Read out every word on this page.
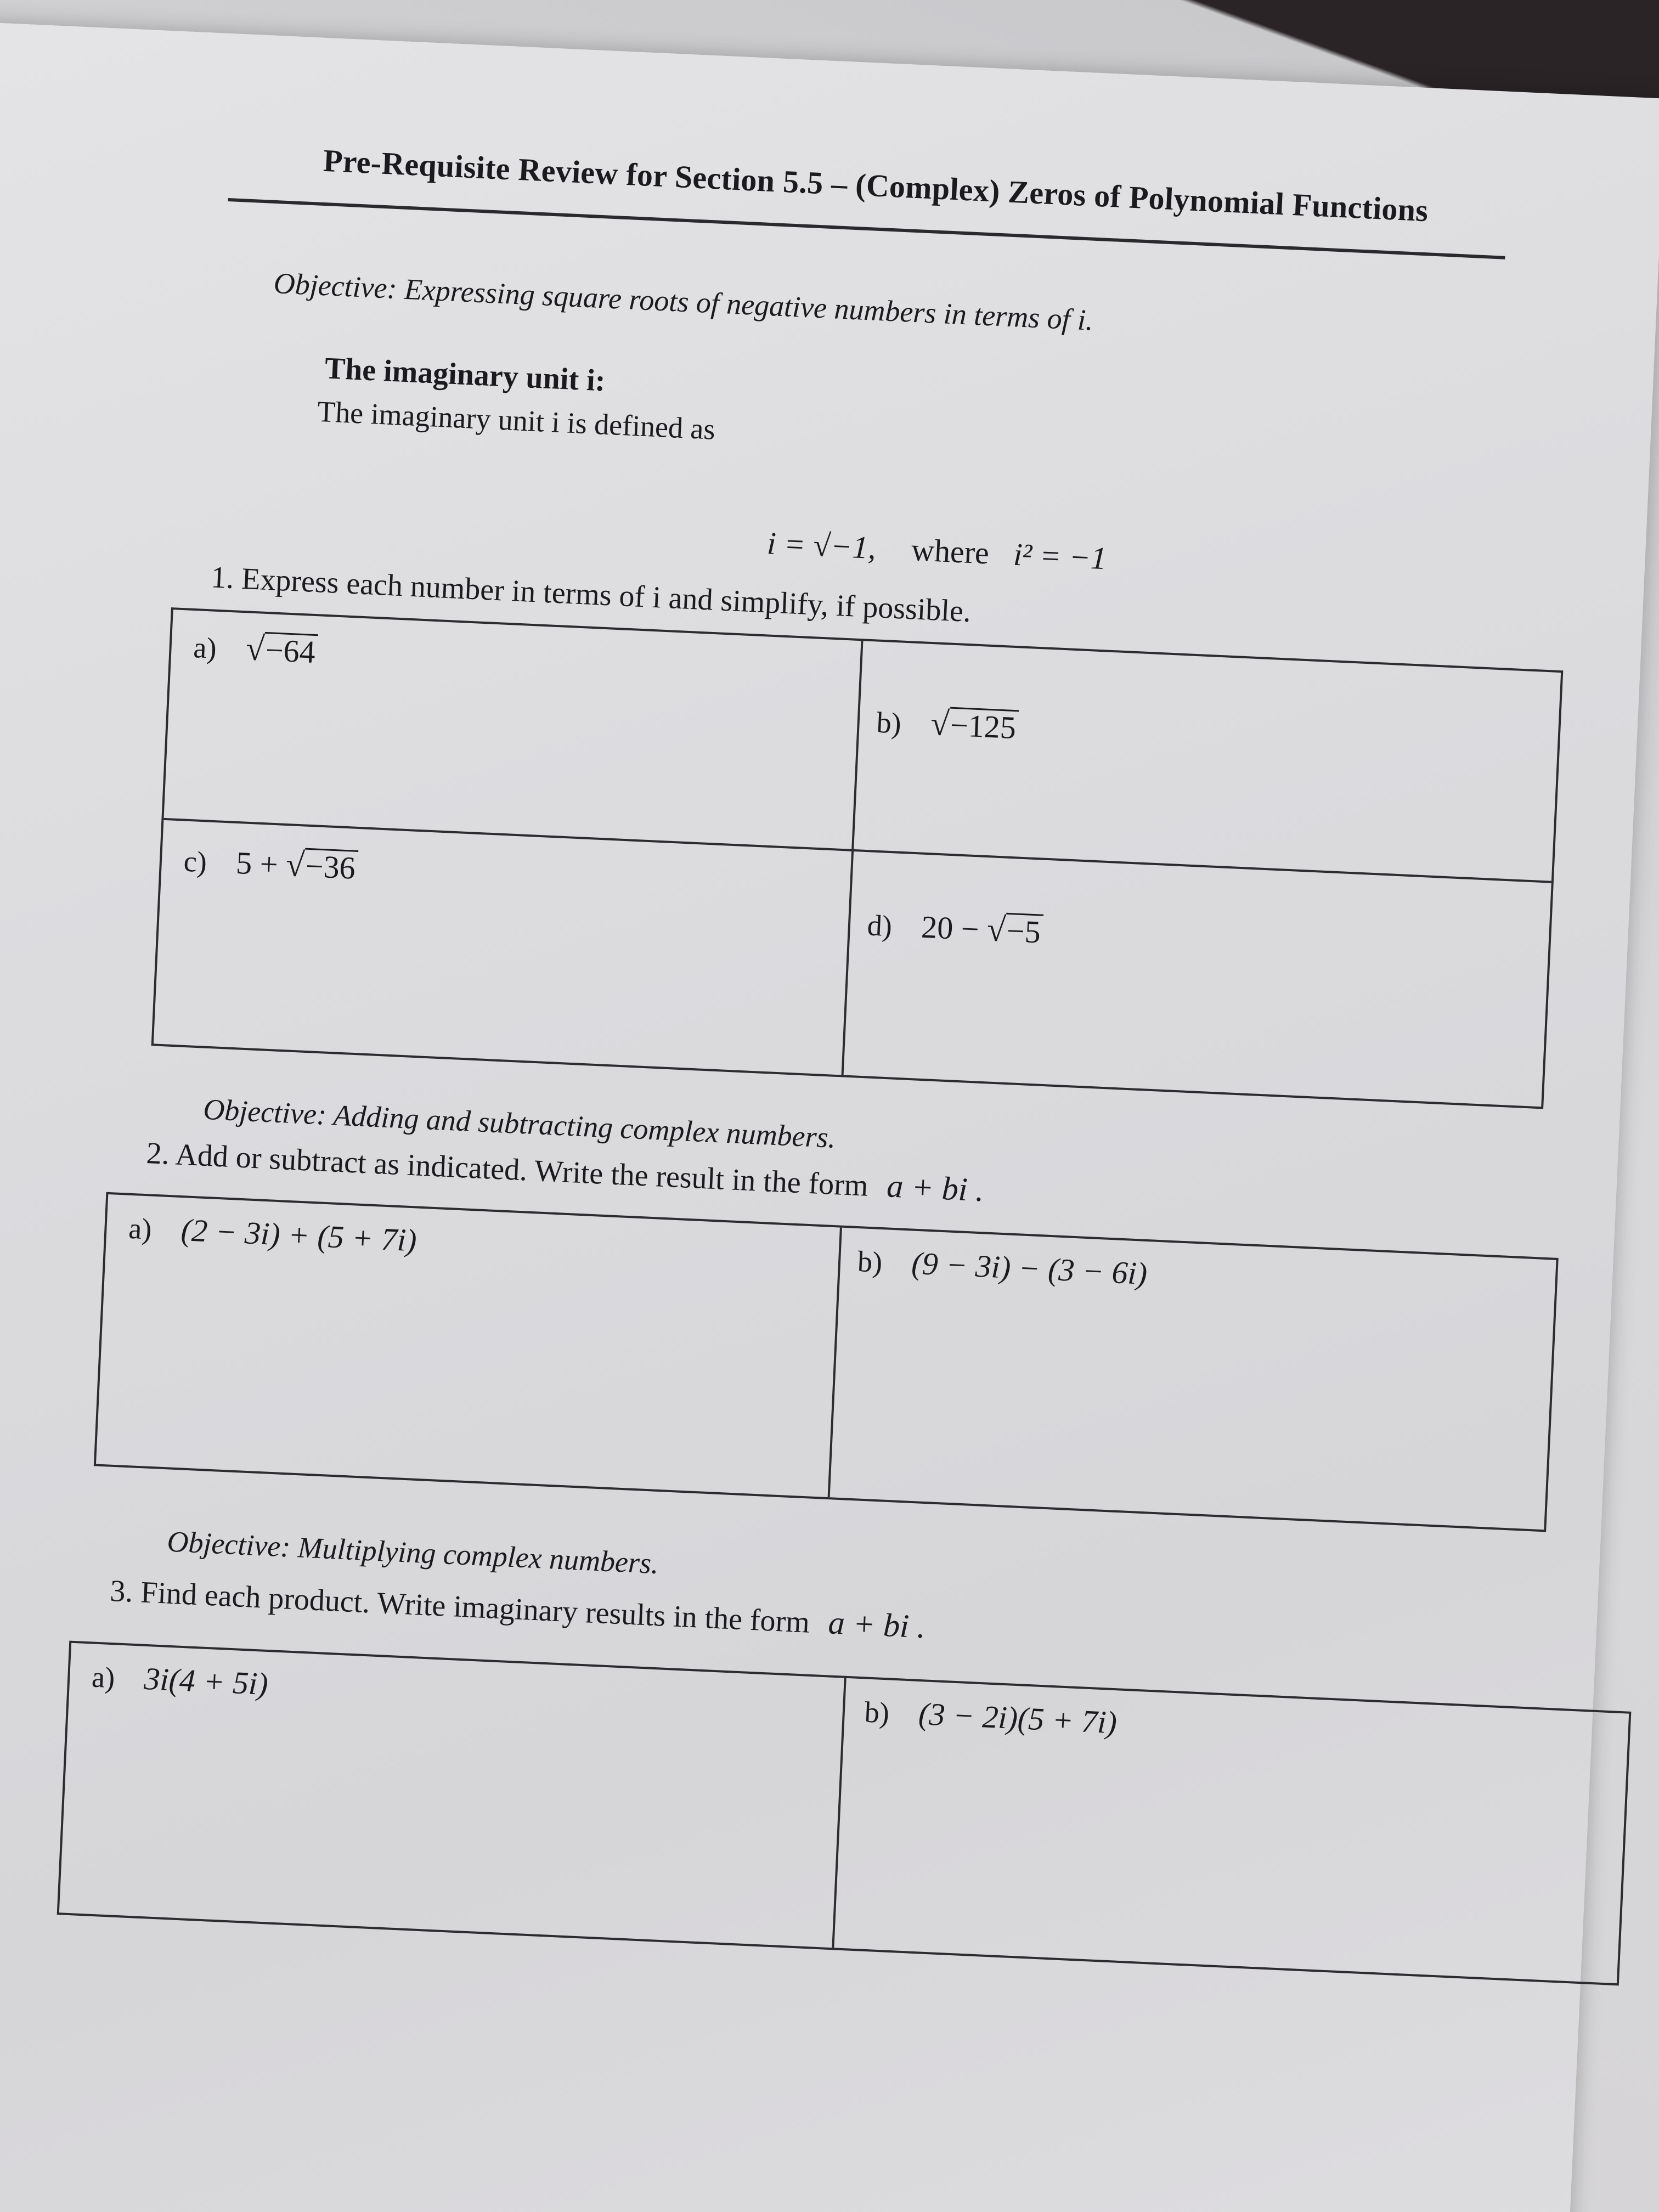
Pre-Requisite Review for Section 5.5 – (Complex) Zeros of Polynomial Functions
Objective: Expressing square roots of negative numbers in terms of i.
The imaginary unit i:
The imaginary unit i is defined as
i = √−1, where i² = −1
1. Express each number in terms of i and simplify, if possible.
a) √−64
b) √−125
c) 5 + √−36
d) 20 − √−5
Objective: Adding and subtracting complex numbers.
2. Add or subtract as indicated. Write the result in the form a + bi .
a) (2 − 3i) + (5 + 7i)
b) (9 − 3i) − (3 − 6i)
Objective: Multiplying complex numbers.
3. Find each product. Write imaginary results in the form a + bi .
a) 3i(4 + 5i)
b) (3 − 2i)(5 + 7i)
